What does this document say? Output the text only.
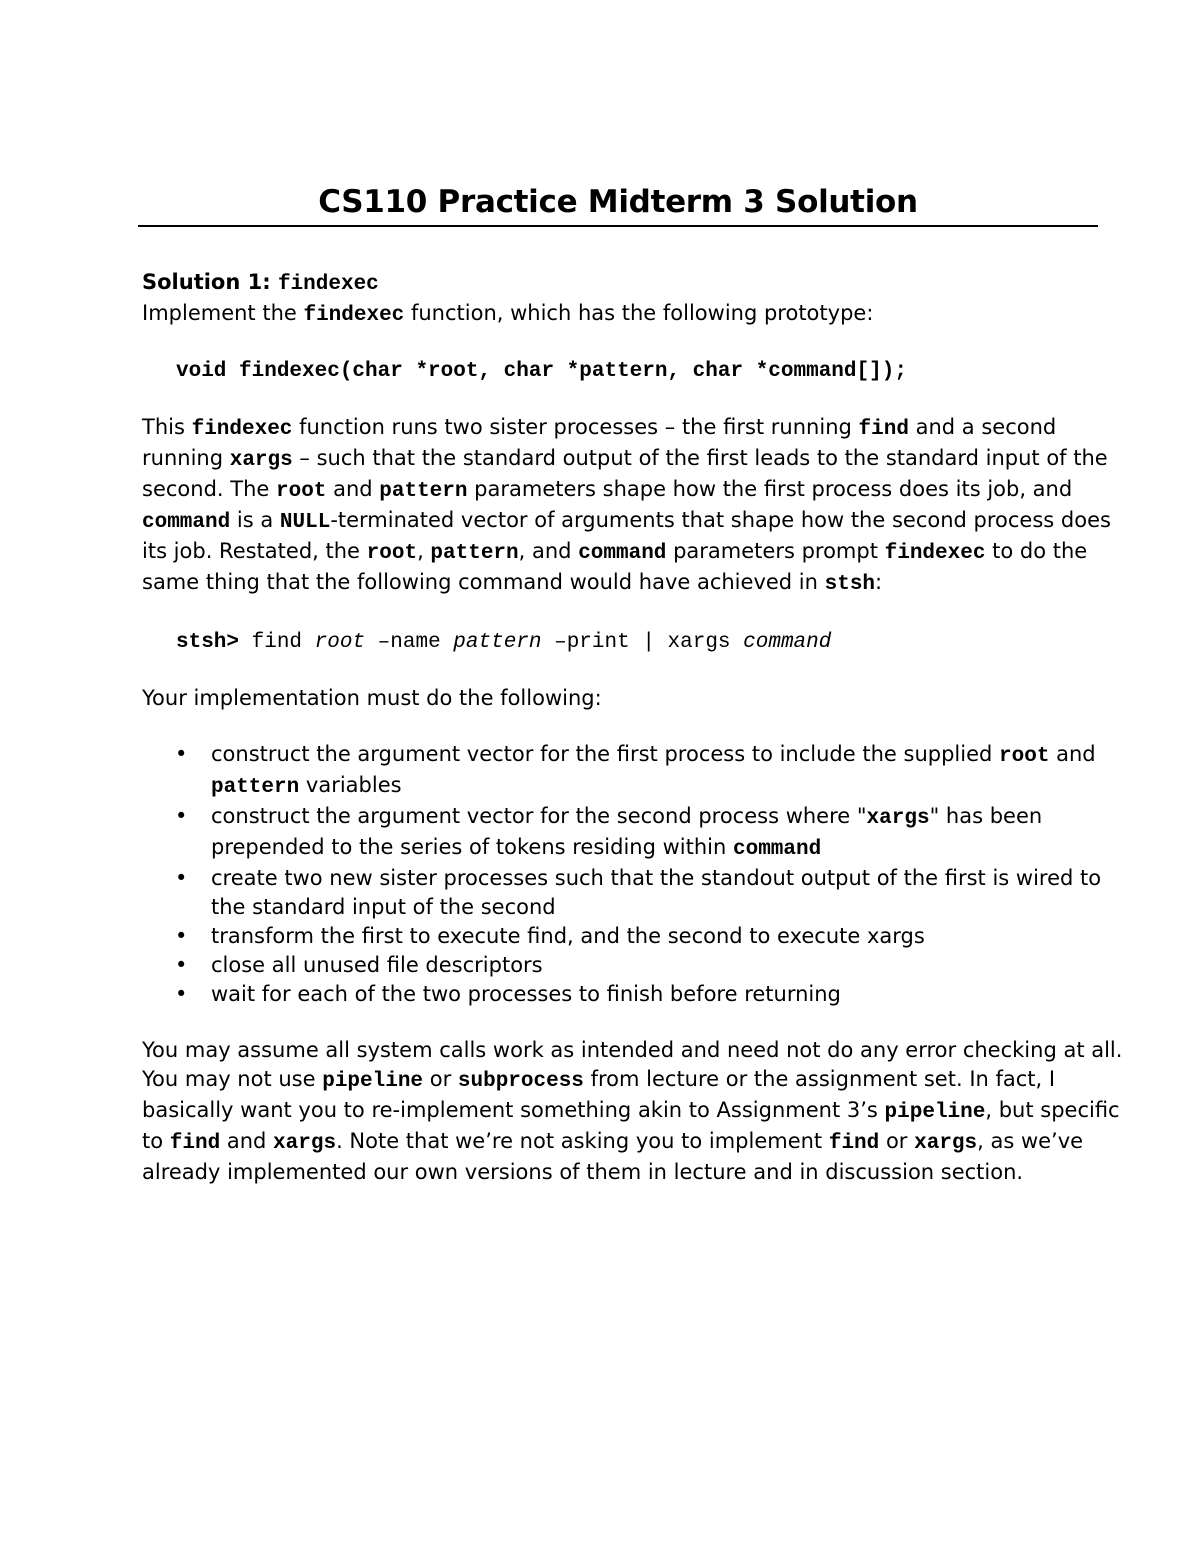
CS110 Practice Midterm 3 Solution

Solution 1: findexec

Implement the findexec function, which has the following prototype:

void findexec(char *root, char *pattern, char *command[]);

This findexec function runs two sister processes – the first running find and a second running xargs – such that the standard output of the first leads to the standard input of the second. The root and pattern parameters shape how the first process does its job, and command is a NULL-terminated vector of arguments that shape how the second process does its job. Restated, the root, pattern, and command parameters prompt findexec to do the same thing that the following command would have achieved in stsh:

stsh> find root –name pattern –print | xargs command

Your implementation must do the following:

• construct the argument vector for the first process to include the supplied root and pattern variables
• construct the argument vector for the second process where "xargs" has been prepended to the series of tokens residing within command
• create two new sister processes such that the standout output of the first is wired to the standard input of the second
• transform the first to execute find, and the second to execute xargs
• close all unused file descriptors
• wait for each of the two processes to finish before returning

You may assume all system calls work as intended and need not do any error checking at all. You may not use pipeline or subprocess from lecture or the assignment set. In fact, I basically want you to re-implement something akin to Assignment 3’s pipeline, but specific to find and xargs. Note that we’re not asking you to implement find or xargs, as we’ve already implemented our own versions of them in lecture and in discussion section.
